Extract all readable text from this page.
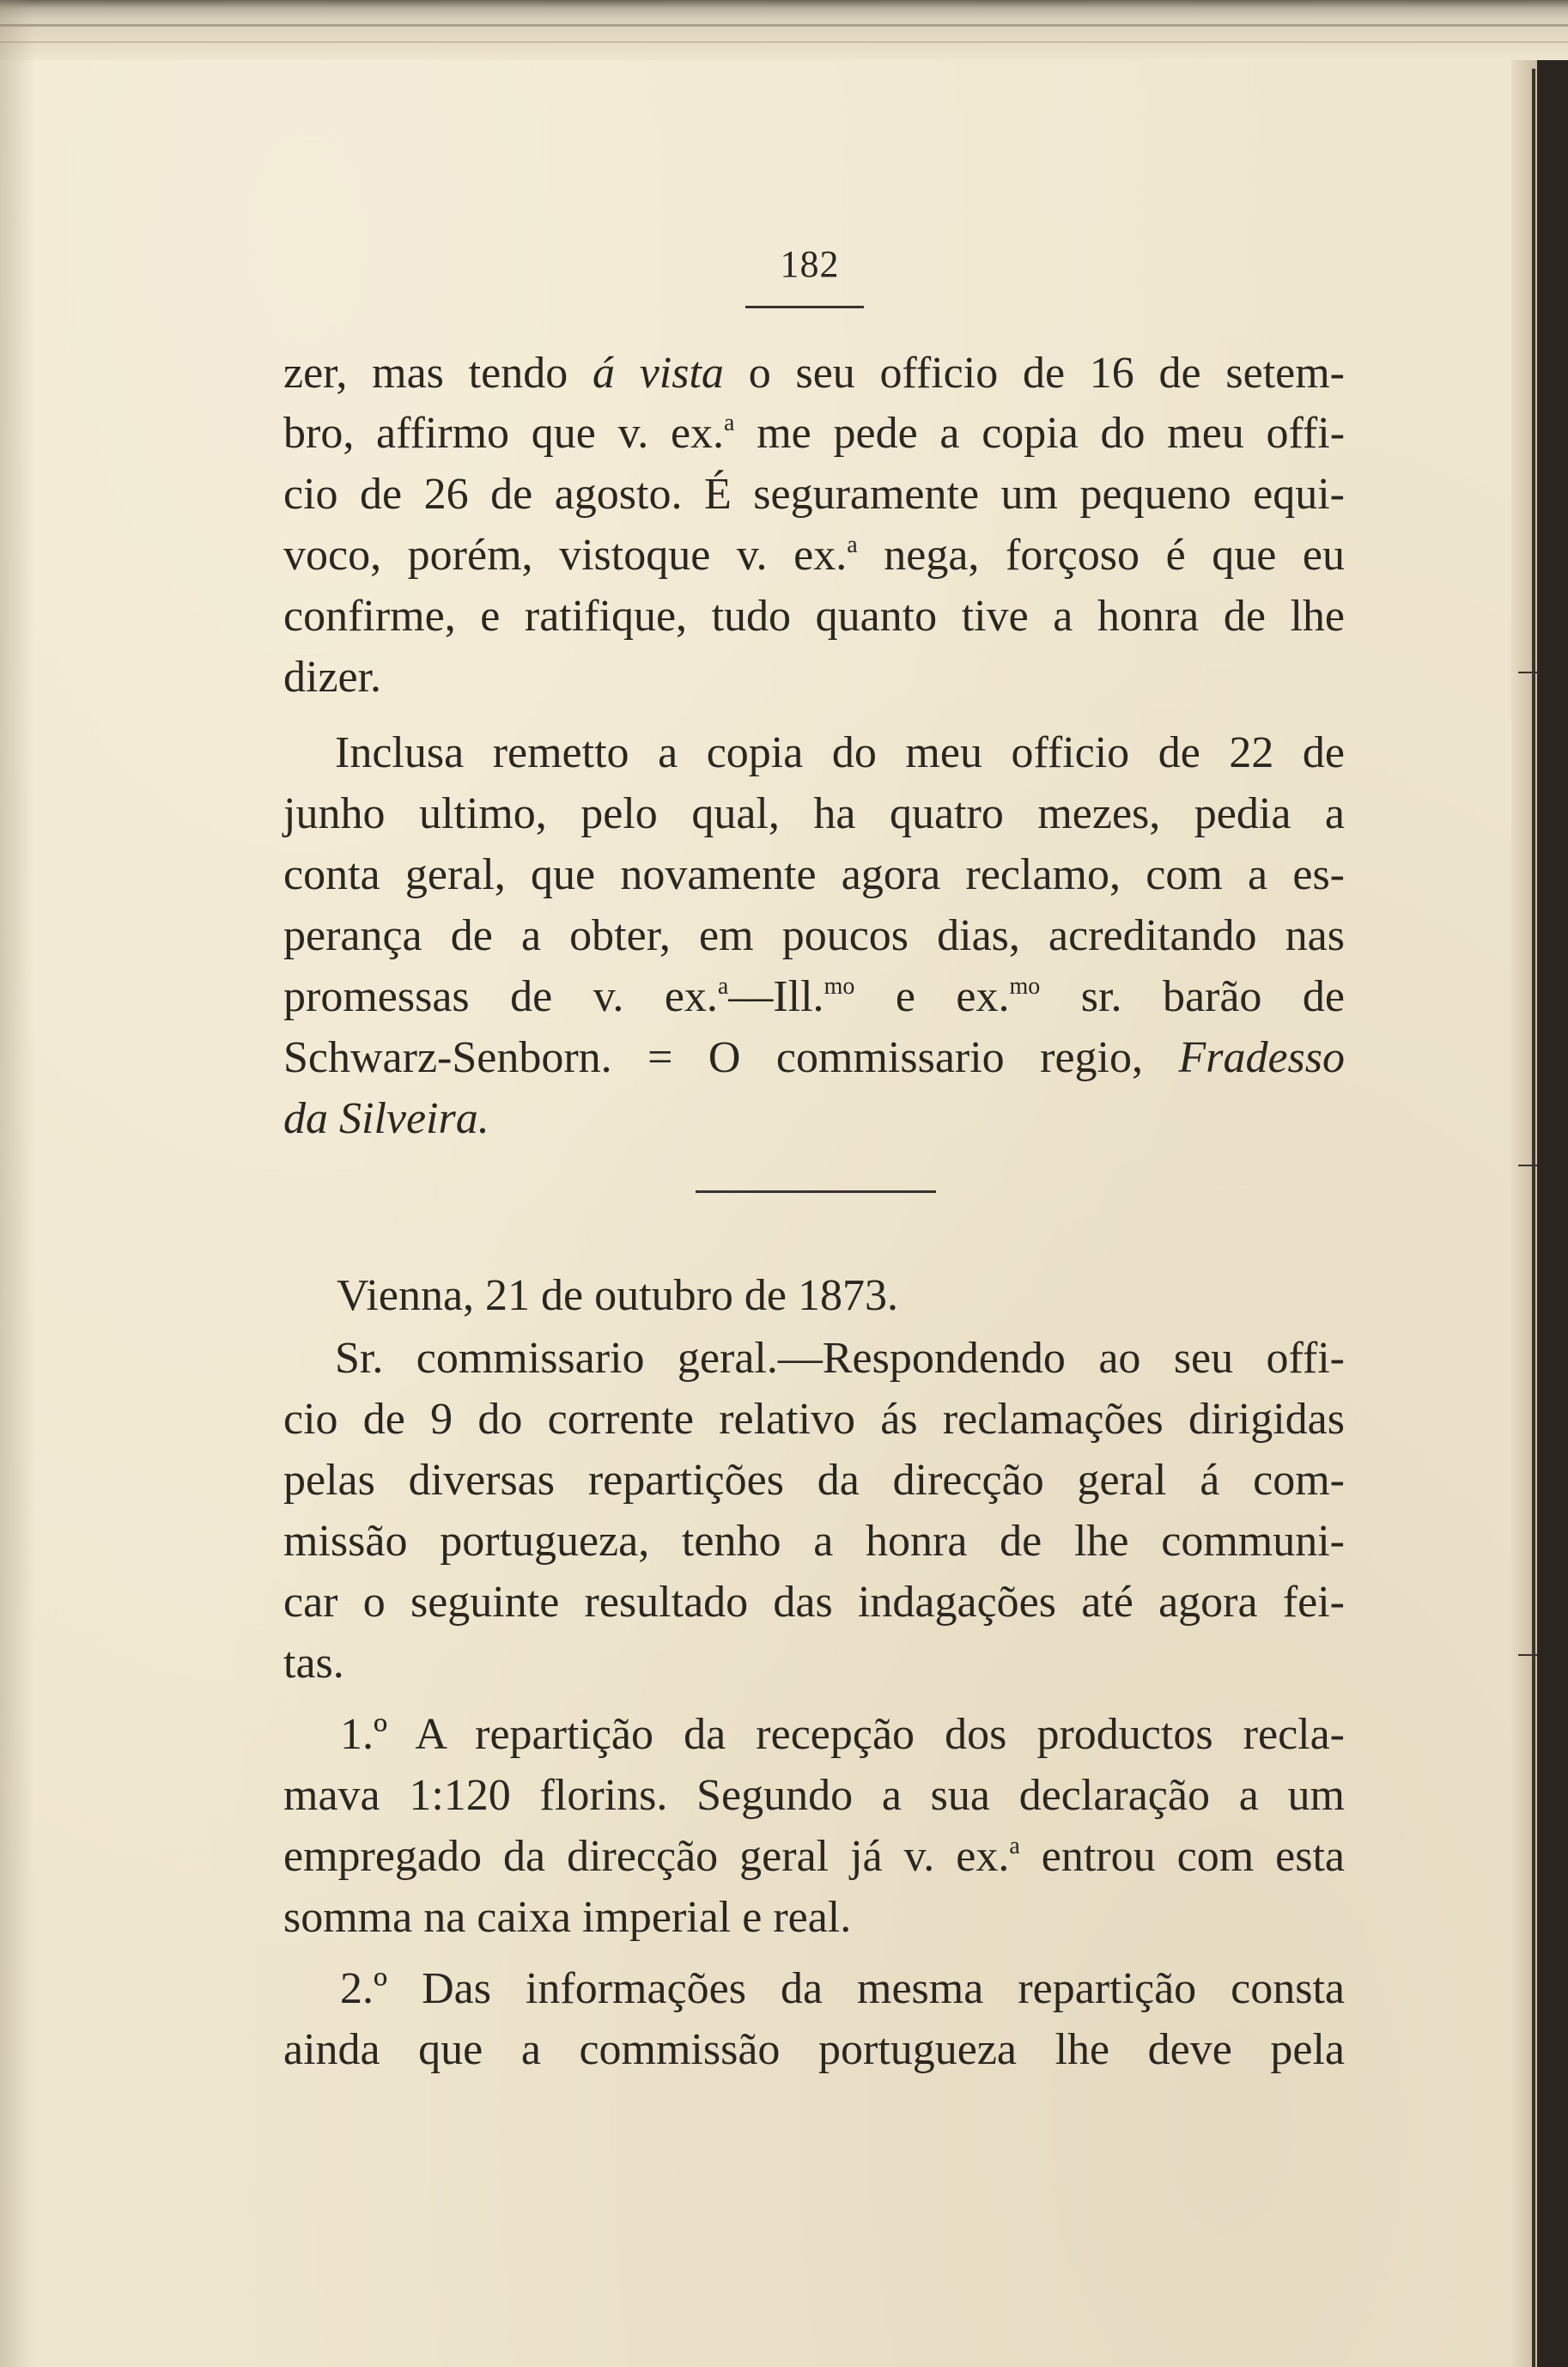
182
zer, mas tendo á vista o seu officio de 16 de setem-
bro, affirmo que v. ex.$^a$ me pede a copia do meu offi-
cio de 26 de agosto. É seguramente um pequeno equi-
voco, porém, vistoque v. ex.$^a$ nega, forçoso é que eu
confirme, e ratifique, tudo quanto tive a honra de lhe
dizer.
Inclusa remetto a copia do meu officio de 22 de
junho ultimo, pelo qual, ha quatro mezes, pedia a
conta geral, que novamente agora reclamo, com a es-
perança de a obter, em poucos dias, acreditando nas
promessas de v. ex.$^a$—Ill.$^{mo}$ e ex.$^{mo}$ sr. barão de
Schwarz-Senborn. = O commissario regio, Fradesso
da Silveira.
Vienna, 21 de outubro de 1873.
Sr. commissario geral.—Respondendo ao seu offi-
cio de 9 do corrente relativo ás reclamações dirigidas
pelas diversas repartições da direcção geral á com-
missão portugueza, tenho a honra de lhe communi-
car o seguinte resultado das indagações até agora fei-
tas.
1.º A repartição da recepção dos productos recla-
mava 1:120 florins. Segundo a sua declaração a um
empregado da direcção geral já v. ex.$^a$ entrou com esta
somma na caixa imperial e real.
2.º Das informações da mesma repartição consta
ainda que a commissão portugueza lhe deve pela
